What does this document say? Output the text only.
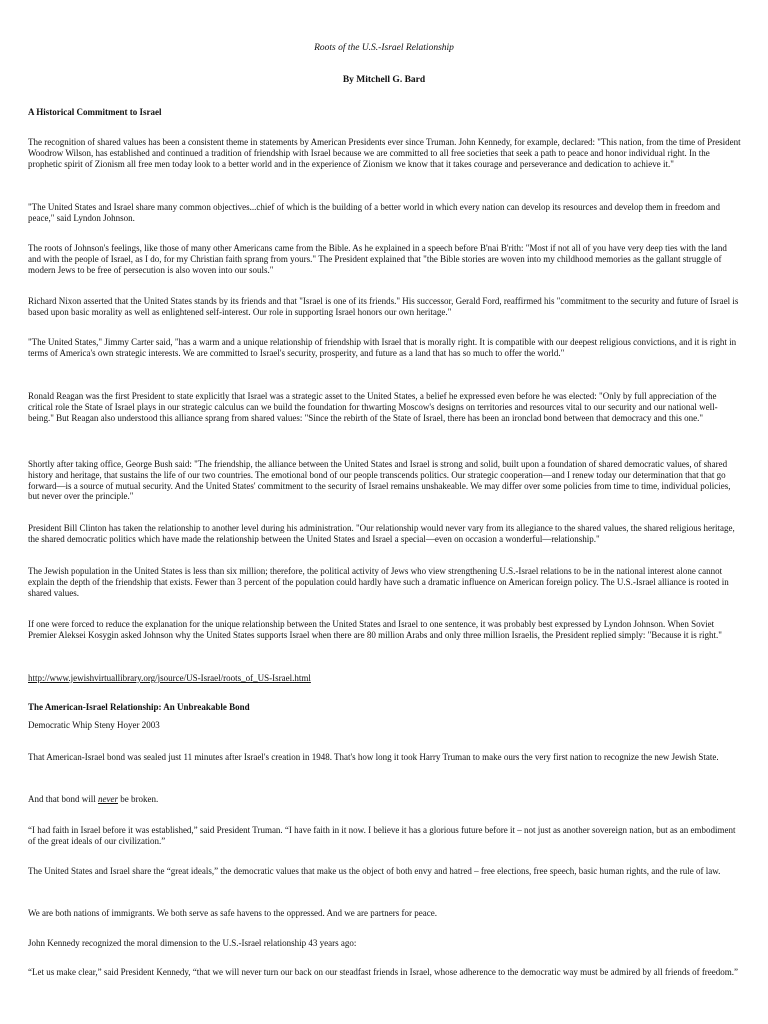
Roots of the U.S.-Israel Relationship
By Mitchell G. Bard

A Historical Commitment to Israel

The recognition of shared values has been a consistent theme in statements by American Presidents ever since Truman. John Kennedy, for example, declared: "This nation, from the time of President Woodrow Wilson, has established and continued a tradition of friendship with Israel because we are committed to all free societies that seek a path to peace and honor individual right. In the prophetic spirit of Zionism all free men today look to a better world and in the experience of Zionism we know that it takes courage and perseverance and dedication to achieve it."

"The United States and Israel share many common objectives...chief of which is the building of a better world in which every nation can develop its resources and develop them in freedom and peace," said Lyndon Johnson.

The roots of Johnson's feelings, like those of many other Americans came from the Bible. As he explained in a speech before B'nai B'rith: "Most if not all of you have very deep ties with the land and with the people of Israel, as I do, for my Christian faith sprang from yours." The President explained that "the Bible stories are woven into my childhood memories as the gallant struggle of modern Jews to be free of persecution is also woven into our souls."

Richard Nixon asserted that the United States stands by its friends and that "Israel is one of its friends." His successor, Gerald Ford, reaffirmed his "commitment to the security and future of Israel is based upon basic morality as well as enlightened self-interest. Our role in supporting Israel honors our own heritage."

"The United States," Jimmy Carter said, "has a warm and a unique relationship of friendship with Israel that is morally right. It is compatible with our deepest religious convictions, and it is right in terms of America's own strategic interests. We are committed to Israel's security, prosperity, and future as a land that has so much to offer the world."

Ronald Reagan was the first President to state explicitly that Israel was a strategic asset to the United States, a belief he expressed even before he was elected: "Only by full appreciation of the critical role the State of Israel plays in our strategic calculus can we build the foundation for thwarting Moscow's designs on territories and resources vital to our security and our national well-being." But Reagan also understood this alliance sprang from shared values: "Since the rebirth of the State of Israel, there has been an ironclad bond between that democracy and this one."

Shortly after taking office, George Bush said: "The friendship, the alliance between the United States and Israel is strong and solid, built upon a foundation of shared democratic values, of shared history and heritage, that sustains the life of our two countries. The emotional bond of our people transcends politics. Our strategic cooperation—and I renew today our determination that that go forward—is a source of mutual security. And the United States' commitment to the security of Israel remains unshakeable. We may differ over some policies from time to time, individual policies, but never over the principle."

President Bill Clinton has taken the relationship to another level during his administration. "Our relationship would never vary from its allegiance to the shared values, the shared religious heritage, the shared democratic politics which have made the relationship between the United States and Israel a special—even on occasion a wonderful—relationship."

The Jewish population in the United States is less than six million; therefore, the political activity of Jews who view strengthening U.S.-Israel relations to be in the national interest alone cannot explain the depth of the friendship that exists. Fewer than 3 percent of the population could hardly have such a dramatic influence on American foreign policy. The U.S.-Israel alliance is rooted in shared values.

If one were forced to reduce the explanation for the unique relationship between the United States and Israel to one sentence, it was probably best expressed by Lyndon Johnson. When Soviet Premier Aleksei Kosygin asked Johnson why the United States supports Israel when there are 80 million Arabs and only three million Israelis, the President replied simply: "Because it is right."

http://www.jewishvirtuallibrary.org/jsource/US-Israel/roots_of_US-Israel.html

The American-Israel Relationship: An Unbreakable Bond

Democratic Whip Steny Hoyer 2003

That American-Israel bond was sealed just 11 minutes after Israel's creation in 1948. That's how long it took Harry Truman to make ours the very first nation to recognize the new Jewish State.

And that bond will never be broken.

“I had faith in Israel before it was established,” said President Truman. “I have faith in it now. I believe it has a glorious future before it – not just as another sovereign nation, but as an embodiment of the great ideals of our civilization.”

The United States and Israel share the “great ideals,” the democratic values that make us the object of both envy and hatred – free elections, free speech, basic human rights, and the rule of law.

We are both nations of immigrants. We both serve as safe havens to the oppressed. And we are partners for peace.

John Kennedy recognized the moral dimension to the U.S.-Israel relationship 43 years ago:

“Let us make clear,” said President Kennedy, “that we will never turn our back on our steadfast friends in Israel, whose adherence to the democratic way must be admired by all friends of freedom.”
